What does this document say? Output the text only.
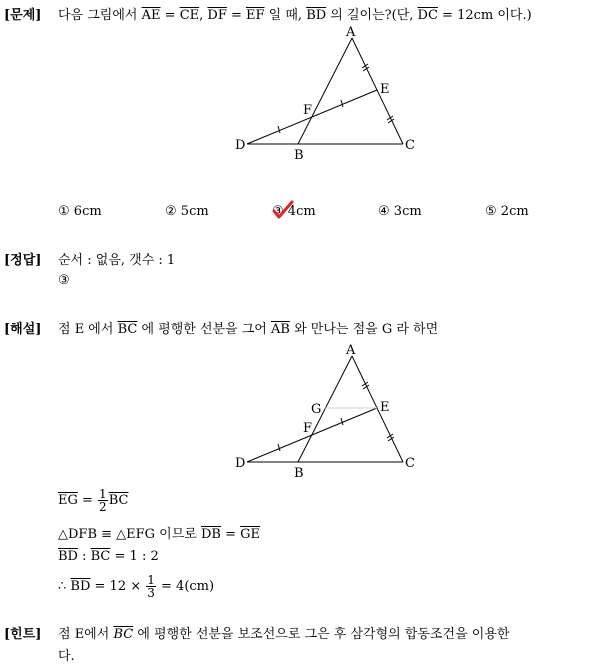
[문제] 다음 그림에서 $\overline{AE} = \overline{CE}$, $\overline{DF} = \overline{EF}$ 일 때, $\overline{BD}$ 의 길이는?(단, $\overline{DC} = 12cm$ 이다.)
A
E
F
D
B
C
① 6cm	② 5cm	③ 4cm	④ 3cm	⑤ 2cm
[정답] 순서 : 없음, 갯수 : 1
③
[해설] 점 E 에서 $\overline{BC}$ 에 평행한 선분을 그어 $\overline{AB}$ 와 만나는 점을 G 라 하면
A
G	E
F
D
B
C
$\overline{EG} = \frac{1}{2} \overline{BC}$
△DFB ≡ △EFG 이므로 $\overline{DB} = \overline{GE}$
$\overline{BD}$ : $\overline{BC} = 1$ : 2
∴ $\overline{BD} = 12 \times \frac{1}{3} = 4(cm)$
[힌트] 점 E에서 $\overline{BC}$ 에 평행한 선분을 보조선으로 그은 후 삼각형의 합동조건을 이용한
다.
